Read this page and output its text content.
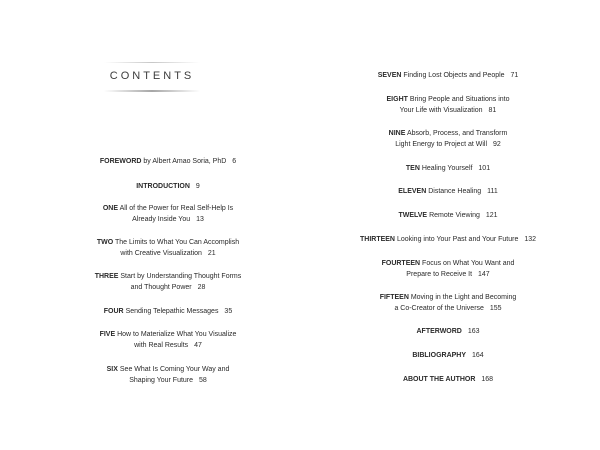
CONTENTS
FOREWORD by Albert Amao Soria, PhD 6
INTRODUCTION 9
ONE All of the Power for Real Self-Help Is
Already Inside You 13
TWO The Limits to What You Can Accomplish
with Creative Visualization 21
THREE Start by Understanding Thought Forms
and Thought Power 28
FOUR Sending Telepathic Messages 35
FIVE How to Materialize What You Visualize
with Real Results 47
SIX See What Is Coming Your Way and
Shaping Your Future 58
SEVEN Finding Lost Objects and People 71
EIGHT Bring People and Situations into
Your Life with Visualization 81
NINE Absorb, Process, and Transform
Light Energy to Project at Will 92
TEN Healing Yourself 101
ELEVEN Distance Healing 111
TWELVE Remote Viewing 121
THIRTEEN Looking into Your Past and Your Future 132
FOURTEEN Focus on What You Want and
Prepare to Receive It 147
FIFTEEN Moving in the Light and Becoming
a Co-Creator of the Universe 155
AFTERWORD 163
BIBLIOGRAPHY 164
ABOUT THE AUTHOR 168
